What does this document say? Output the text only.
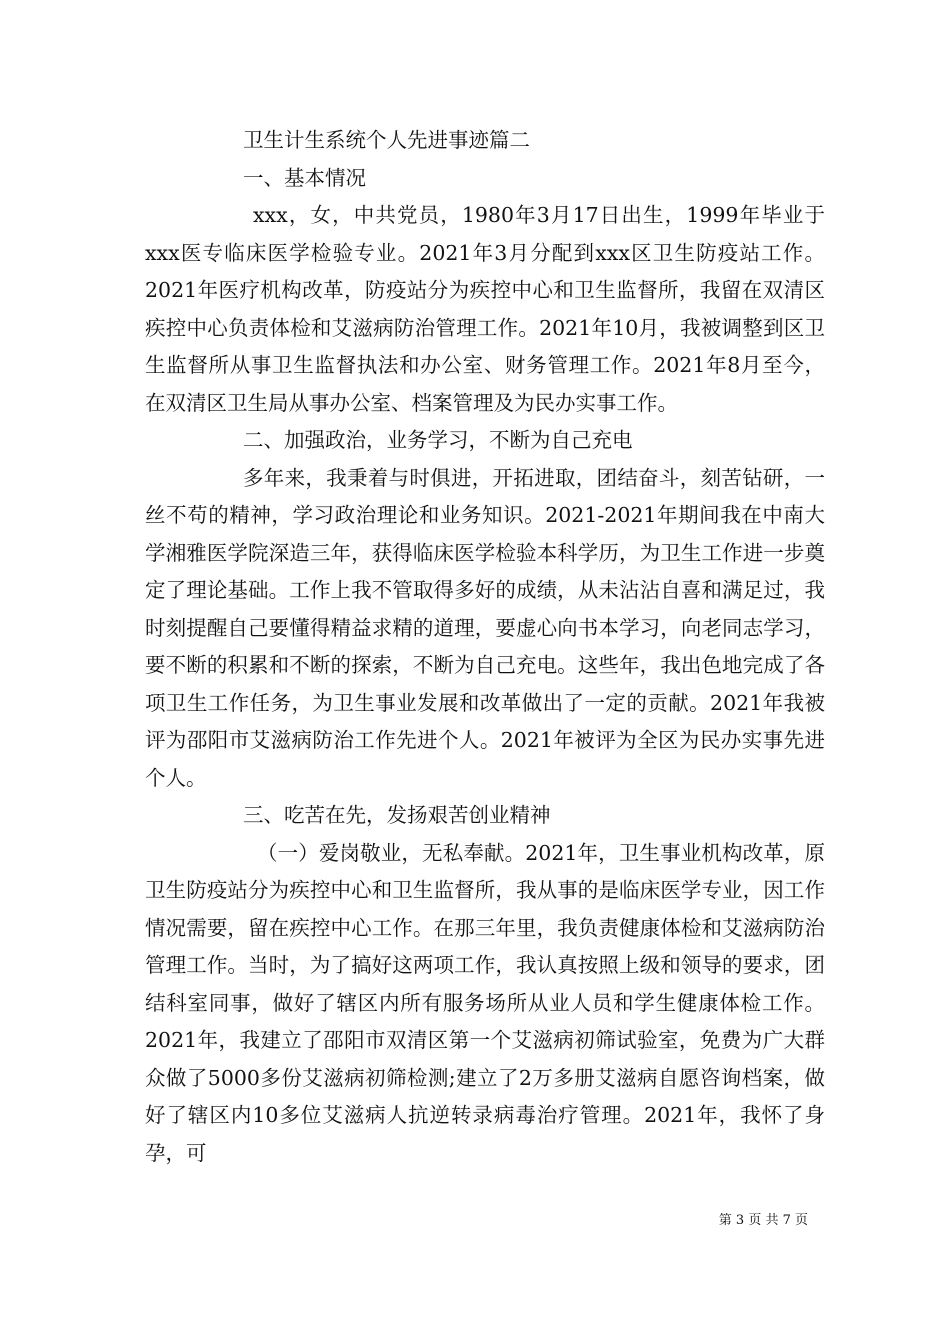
卫生计生系统个人先进事迹篇二

一、基本情况

xxx，女，中共党员，1980年3月17日出生，1999年毕业于xxx医专临床医学检验专业。2021年3月分配到xxx区卫生防疫站工作。2021年医疗机构改革，防疫站分为疾控中心和卫生监督所，我留在双清区疾控中心负责体检和艾滋病防治管理工作。2021年10月，我被调整到区卫生监督所从事卫生监督执法和办公室、财务管理工作。2021年8月至今，在双清区卫生局从事办公室、档案管理及为民办实事工作。

二、加强政治，业务学习，不断为自己充电

多年来，我秉着与时俱进，开拓进取，团结奋斗，刻苦钻研，一丝不苟的精神，学习政治理论和业务知识。2021-2021年期间我在中南大学湘雅医学院深造三年，获得临床医学检验本科学历，为卫生工作进一步奠定了理论基础。工作上我不管取得多好的成绩，从未沾沾自喜和满足过，我时刻提醒自己要懂得精益求精的道理，要虚心向书本学习，向老同志学习，要不断的积累和不断的探索，不断为自己充电。这些年，我出色地完成了各项卫生工作任务，为卫生事业发展和改革做出了一定的贡献。2021年我被评为邵阳市艾滋病防治工作先进个人。2021年被评为全区为民办实事先进个人。

三、吃苦在先，发扬艰苦创业精神

（一）爱岗敬业，无私奉献。2021年，卫生事业机构改革，原卫生防疫站分为疾控中心和卫生监督所，我从事的是临床医学专业，因工作情况需要，留在疾控中心工作。在那三年里，我负责健康体检和艾滋病防治管理工作。当时，为了搞好这两项工作，我认真按照上级和领导的要求，团结科室同事，做好了辖区内所有服务场所从业人员和学生健康体检工作。2021年，我建立了邵阳市双清区第一个艾滋病初筛试验室，免费为广大群众做了5000多份艾滋病初筛检测;建立了2万多册艾滋病自愿咨询档案，做好了辖区内10多位艾滋病人抗逆转录病毒治疗管理。2021年，我怀了身孕，可

第 3 页 共 7 页
